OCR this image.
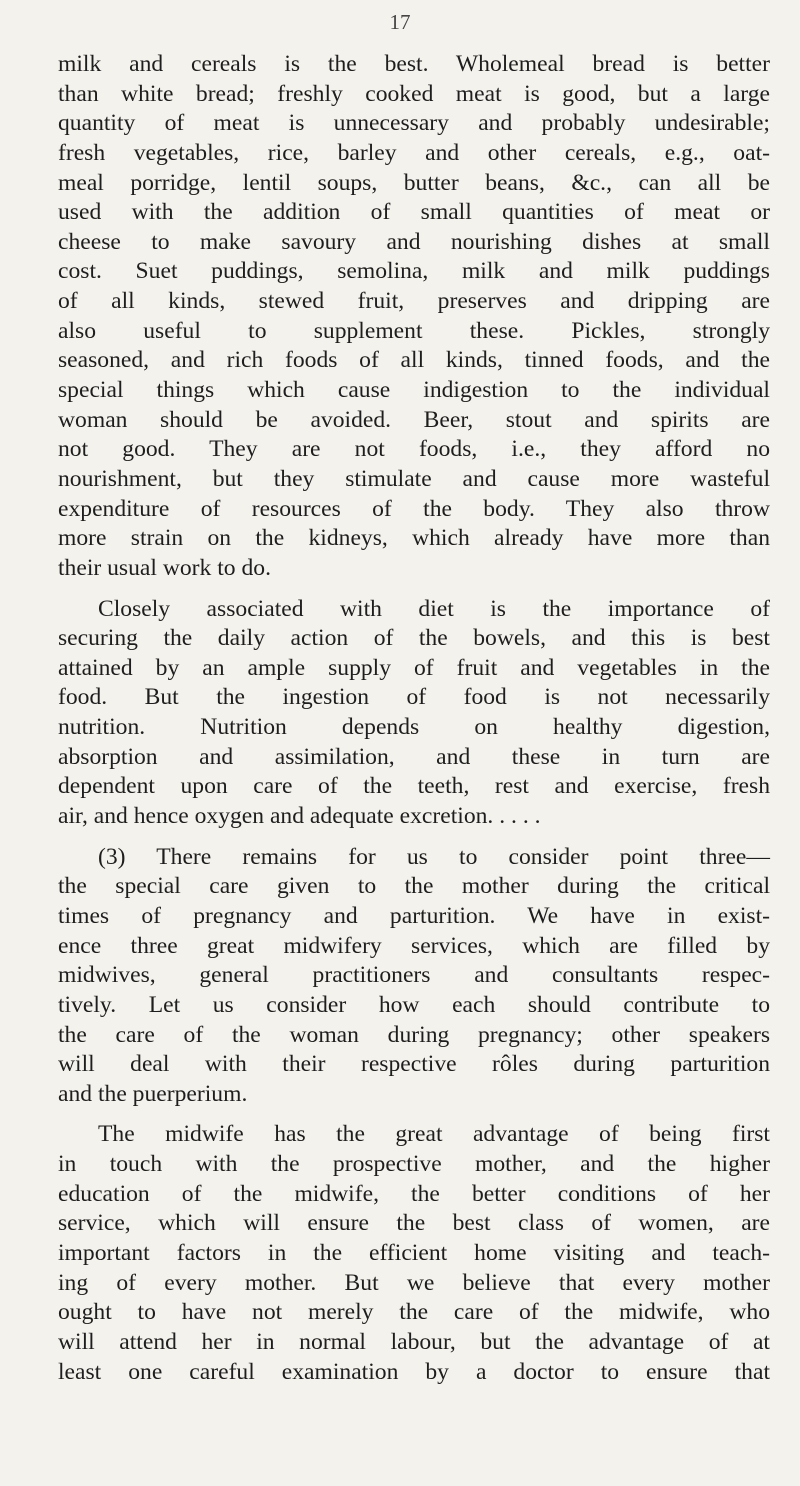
17
milk and cereals is the best. Wholemeal bread is better
than white bread; freshly cooked meat is good, but a large
quantity of meat is unnecessary and probably undesirable;
fresh vegetables, rice, barley and other cereals, e.g., oat-
meal porridge, lentil soups, butter beans, &c., can all be
used with the addition of small quantities of meat or
cheese to make savoury and nourishing dishes at small
cost. Suet puddings, semolina, milk and milk puddings
of all kinds, stewed fruit, preserves and dripping are
also useful to supplement these. Pickles, strongly
seasoned, and rich foods of all kinds, tinned foods, and the
special things which cause indigestion to the individual
woman should be avoided. Beer, stout and spirits are
not good. They are not foods, i.e., they afford no
nourishment, but they stimulate and cause more wasteful
expenditure of resources of the body. They also throw
more strain on the kidneys, which already have more than
their usual work to do.
Closely associated with diet is the importance of
securing the daily action of the bowels, and this is best
attained by an ample supply of fruit and vegetables in the
food. But the ingestion of food is not necessarily
nutrition. Nutrition depends on healthy digestion,
absorption and assimilation, and these in turn are
dependent upon care of the teeth, rest and exercise, fresh
air, and hence oxygen and adequate excretion. . . . .
(3) There remains for us to consider point three—
the special care given to the mother during the critical
times of pregnancy and parturition. We have in exist-
ence three great midwifery services, which are filled by
midwives, general practitioners and consultants respec-
tively. Let us consider how each should contribute to
the care of the woman during pregnancy; other speakers
will deal with their respective rôles during parturition
and the puerperium.
The midwife has the great advantage of being first
in touch with the prospective mother, and the higher
education of the midwife, the better conditions of her
service, which will ensure the best class of women, are
important factors in the efficient home visiting and teach-
ing of every mother. But we believe that every mother
ought to have not merely the care of the midwife, who
will attend her in normal labour, but the advantage of at
least one careful examination by a doctor to ensure that
